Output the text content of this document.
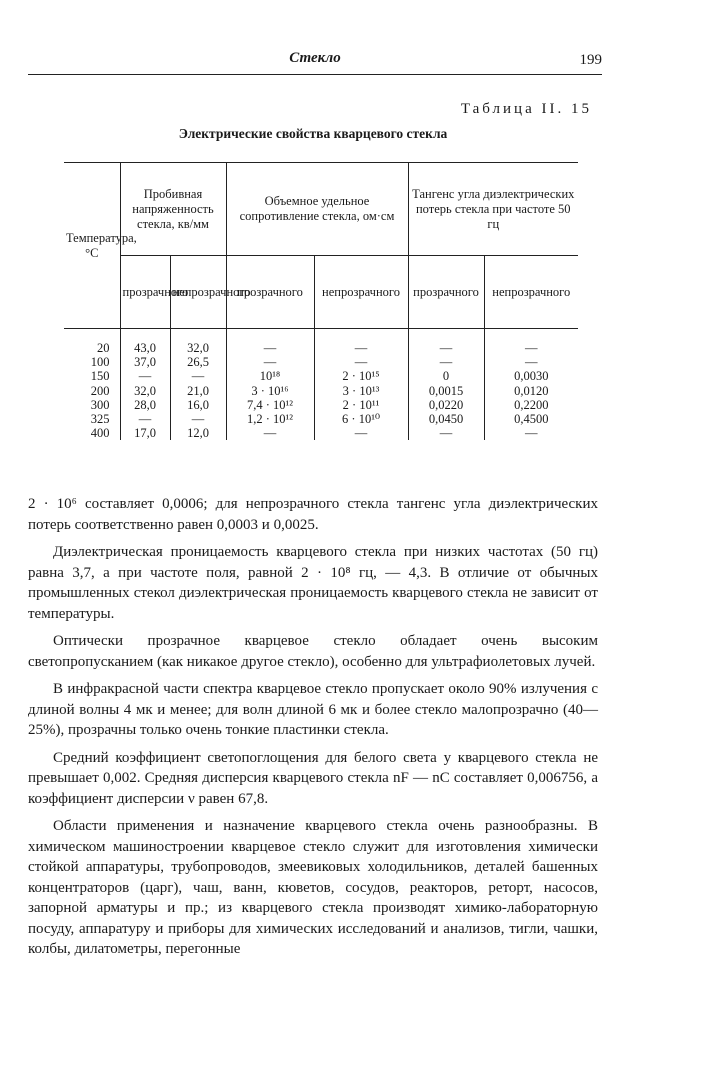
Стекло	199
Таблица II. 15
Электрические свойства кварцевого стекла
Температура, °С	Пробивная напряженность стекла, кв/мм		Объемное удельное сопротивление стекла, ом·см		Тангенс угла диэлектрических потерь стекла при частоте 50 гц	
	прозрачного	непрозрачного	прозрачного	непрозрачного	прозрачного	непрозрачного
20	43,0	32,0	—	—	—	—
100	37,0	26,5	—	—	—	—
150	—	—	10¹⁸	2 · 10¹⁵	0	0,0030
200	32,0	21,0	3 · 10¹⁶	3 · 10¹³	0,0015	0,0120
300	28,0	16,0	7,4 · 10¹²	2 · 10¹¹	0,0220	0,2200
325	—	—	1,2 · 10¹²	6 · 10¹⁰	0,0450	0,4500
400	17,0	12,0	—	—	—	—

2 · 10⁶ составляет 0,0006; для непрозрачного стекла тангенс угла диэлектрических потерь соответственно равен 0,0003 и 0,0025.

Диэлектрическая проницаемость кварцевого стекла при низких частотах (50 гц) равна 3,7, а при частоте поля, равной 2 · 10⁸ гц, — 4,3. В отличие от обычных промышленных стекол диэлектрическая проницаемость кварцевого стекла не зависит от температуры.

Оптически прозрачное кварцевое стекло обладает очень высоким светопропусканием (как никакое другое стекло), особенно для ультрафиолетовых лучей.

В инфракрасной части спектра кварцевое стекло пропускает около 90% излучения с длиной волны 4 мк и менее; для волн длиной 6 мк и более стекло малопрозрачно (40—25%), прозрачны только очень тонкие пластинки стекла.

Средний коэффициент светопоглощения для белого света у кварцевого стекла не превышает 0,002. Средняя дисперсия кварцевого стекла nF — nC составляет 0,006756, а коэффициент дисперсии ν равен 67,8.

Области применения и назначение кварцевого стекла очень разнообразны. В химическом машиностроении кварцевое стекло служит для изготовления химически стойкой аппаратуры, трубопроводов, змеевиковых холодильников, деталей башенных концентраторов (царг), чаш, ванн, кюветов, сосудов, реакторов, реторт, насосов, запорной арматуры и пр.; из кварцевого стекла производят химико-лабораторную посуду, аппаратуру и приборы для химических исследований и анализов, тигли, чашки, колбы, дилатометры, перегонные
